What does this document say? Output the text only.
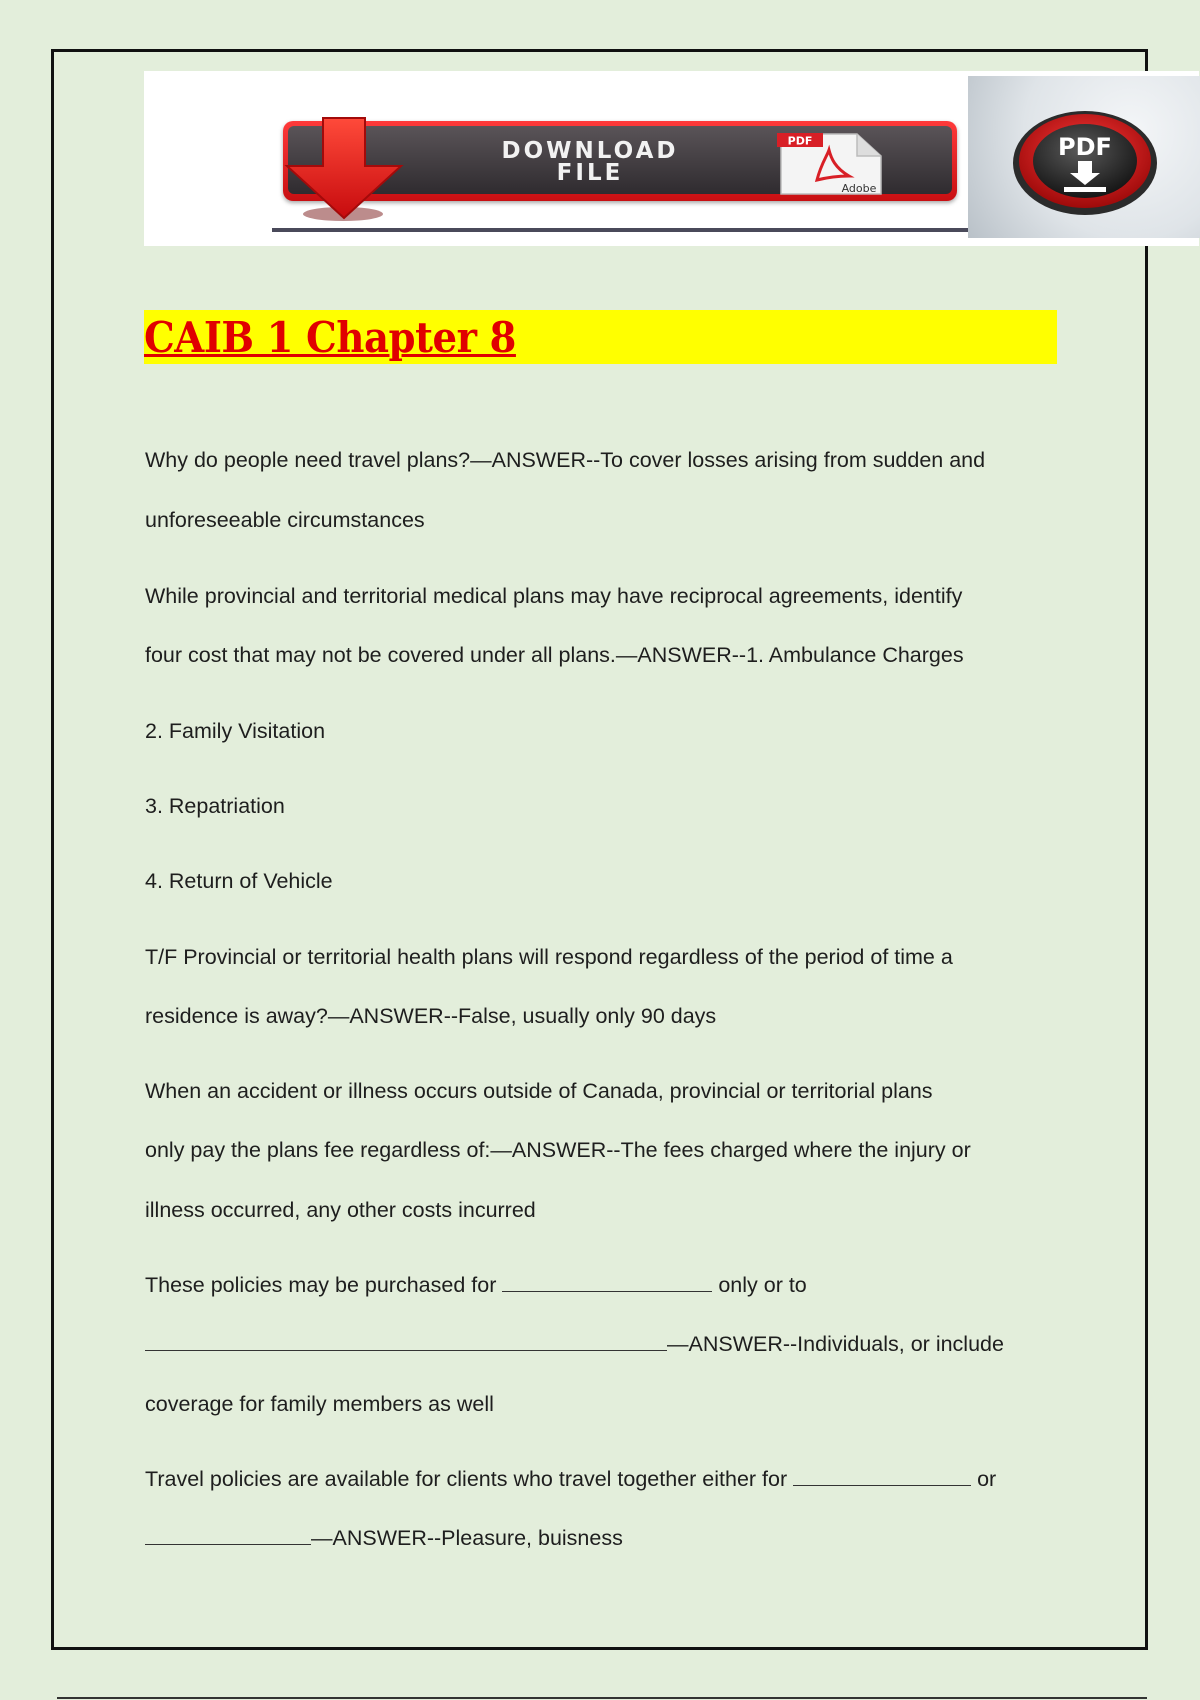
DOWNLOAD
FILE
PDF
Adobe
PDF
CAIB 1 Chapter 8

Why do people need travel plans?—ANSWER--To cover losses arising from sudden and

unforeseeable circumstances

While provincial and territorial medical plans may have reciprocal agreements, identify

four cost that may not be covered under all plans.—ANSWER--1. Ambulance Charges

2. Family Visitation

3. Repatriation

4. Return of Vehicle

T/F Provincial or territorial health plans will respond regardless of the period of time a

residence is away?—ANSWER--False, usually only 90 days

When an accident or illness occurs outside of Canada, provincial or territorial plans

only pay the plans fee regardless of:—ANSWER--The fees charged where the injury or

illness occurred, any other costs incurred

These policies may be purchased for	only or to

—ANSWER--Individuals, or include

coverage for family members as well

Travel policies are available for clients who travel together either for	or

—ANSWER--Pleasure, buisness
